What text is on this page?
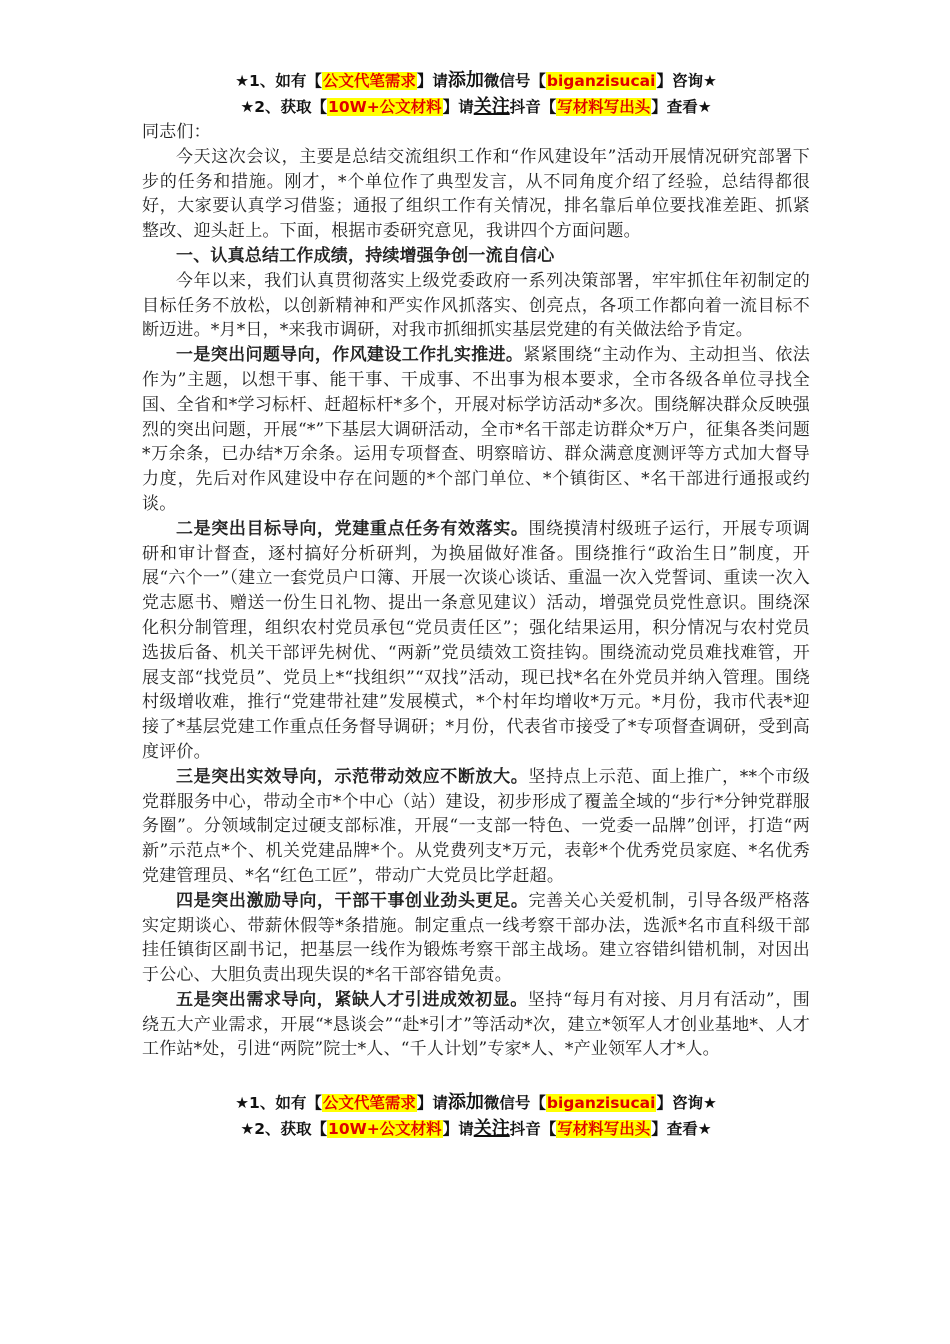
★1、如有【公文代笔需求】请添加微信号【biganzisucai】咨询★
★2、获取【10W+公文材料】请关注抖音【写材料写出头】查看★

同志们：

今天这次会议，主要是总结交流组织工作和“作风建设年”活动开展情况研究部署下步的任务和措施。刚才，*个单位作了典型发言，从不同角度介绍了经验，总结得都很好，大家要认真学习借鉴；通报了组织工作有关情况，排名靠后单位要找准差距、抓紧整改、迎头赶上。下面，根据市委研究意见，我讲四个方面问题。

一、认真总结工作成绩，持续增强争创一流自信心

今年以来，我们认真贯彻落实上级党委政府一系列决策部署，牢牢抓住年初制定的目标任务不放松，以创新精神和严实作风抓落实、创亮点，各项工作都向着一流目标不断迈进。*月*日，*来我市调研，对我市抓细抓实基层党建的有关做法给予肯定。

一是突出问题导向，作风建设工作扎实推进。紧紧围绕“主动作为、主动担当、依法作为”主题，以想干事、能干事、干成事、不出事为根本要求，全市各级各单位寻找全国、全省和*学习标杆、赶超标杆*多个，开展对标学访活动*多次。围绕解决群众反映强烈的突出问题，开展“*”下基层大调研活动，全市*名干部走访群众*万户，征集各类问题*万余条，已办结*万余条。运用专项督查、明察暗访、群众满意度测评等方式加大督导力度，先后对作风建设中存在问题的*个部门单位、*个镇街区、*名干部进行通报或约谈。

二是突出目标导向，党建重点任务有效落实。围绕摸清村级班子运行，开展专项调研和审计督查，逐村搞好分析研判，为换届做好准备。围绕推行“政治生日”制度，开展“六个一”（建立一套党员户口簿、开展一次谈心谈话、重温一次入党誓词、重读一次入党志愿书、赠送一份生日礼物、提出一条意见建议）活动，增强党员党性意识。围绕深化积分制管理，组织农村党员承包“党员责任区”；强化结果运用，积分情况与农村党员选拔后备、机关干部评先树优、“两新”党员绩效工资挂钩。围绕流动党员难找难管，开展支部“找党员”、党员上*“找组织”“双找”活动，现已找*名在外党员并纳入管理。围绕村级增收难，推行“党建带社建”发展模式，*个村年均增收*万元。*月份，我市代表*迎接了*基层党建工作重点任务督导调研；*月份，代表省市接受了*专项督查调研，受到高度评价。

三是突出实效导向，示范带动效应不断放大。坚持点上示范、面上推广，**个市级党群服务中心，带动全市*个中心（站）建设，初步形成了覆盖全域的“步行*分钟党群服务圈”。分领域制定过硬支部标准，开展“一支部一特色、一党委一品牌”创评，打造“两新”示范点*个、机关党建品牌*个。从党费列支*万元，表彰*个优秀党员家庭、*名优秀党建管理员、*名“红色工匠”，带动广大党员比学赶超。

四是突出激励导向，干部干事创业劲头更足。完善关心关爱机制，引导各级严格落实定期谈心、带薪休假等*条措施。制定重点一线考察干部办法，选派*名市直科级干部挂任镇街区副书记，把基层一线作为锻炼考察干部主战场。建立容错纠错机制，对因出于公心、大胆负责出现失误的*名干部容错免责。

五是突出需求导向，紧缺人才引进成效初显。坚持“每月有对接、月月有活动”，围绕五大产业需求，开展“*恳谈会”“赴*引才”等活动*次，建立*领军人才创业基地*、人才工作站*处，引进“两院”院士*人、“千人计划”专家*人、*产业领军人才*人。

★1、如有【公文代笔需求】请添加微信号【biganzisucai】咨询★
★2、获取【10W+公文材料】请关注抖音【写材料写出头】查看★
